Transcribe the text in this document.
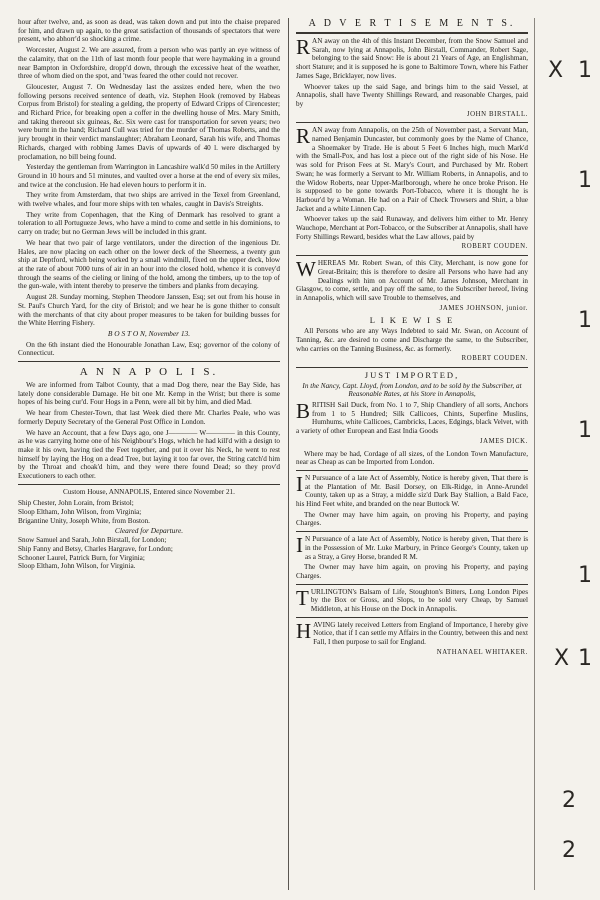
hour after twelve, and, as soon as dead, was taken down and put into the chaise prepared for him, and drawn up again, to the great satisfaction of thousands of spectators that were present, who abhorr'd so shocking a crime.

Worcester, August 2. We are assured, from a person who was partly an eye witness of the calamity, that on the 11th of last month four people that were haymaking in a ground near Bampton in Oxfordshire, dropp'd down, through the excessive heat of the weather, three of whom died on the spot, and 'twas feared the other could not recover.

Gloucester, August 7. On Wednesday last the assizes ended here, when the two following persons received sentence of death, viz. Stephen Hook (removed by Habeas Corpus from Bristol) for stealing a gelding, the property of Edward Cripps of Cirencester; and Richard Price, for breaking open a coffer in the dwelling house of Mrs. Mary Smith, and taking thereout six guineas, &c. Six were cast for transportation for seven years; two were burnt in the hand; Richard Cull was tried for the murder of Thomas Roberts, and the jury brought in their verdict manslaughter; Abraham Leonard, Sarah his wife, and Thomas Richards, charged with robbing James Davis of upwards of 40 l. were discharged by proclamation, no bill being found.

Yesterday the gentleman from Warrington in Lancashire walk'd 50 miles in the Artillery Ground in 10 hours and 51 minutes, and vaulted over a horse at the end of every six miles, and twice at the conclusion. He had eleven hours to perform it in.

They write from Amsterdam, that two ships are arrived in the Texel from Greenland, with twelve whales, and four more ships with ten whales, caught in Davis's Streights.

They write from Copenhagen, that the King of Denmark has resolved to grant a toleration to all Portugueze Jews, who have a mind to come and settle in his dominions, to carry on trade; but no German Jews will be included in this grant.

We hear that two pair of large ventilators, under the direction of the ingenious Dr. Hales, are now placing on each other on the lower deck of the Sheerness, a twenty gun ship at Deptford, which being worked by a small windmill, fixed on the upper deck, blow at the rate of about 7000 tuns of air in an hour into the closed hold, whence it is convey'd through the seams of the cieling or lining of the hold, among the timbers, up to the top of the gun-wale, with intent thereby to preserve the timbers and planks from decaying.

August 28. Sunday morning, Stephen Theodore Janssen, Esq; set out from his house in St. Paul's Church Yard, for the city of Bristol; and we hear he is gone thither to consult with the merchants of that city about proper measures to be taken for building busses for the White Herring Fishery.

B O S T O N, November 13.

On the 6th instant died the Honourable Jonathan Law, Esq; governor of the colony of Connecticut.

A N N A P O L I S.

We are informed from Talbot County, that a mad Dog there, near the Bay Side, has lately done considerable Damage. He bit one Mr. Kemp in the Wrist; but there is some hopes of his being cur'd. Four Hogs in a Penn, were all bit by him, and died Mad.

We hear from Chester-Town, that last Week died there Mr. Charles Peale, who was formerly Deputy Secretary of the General Post Office in London.

We have an Account, that a few Days ago, one J———— W———— in this County, as he was carrying home one of his Neighbour's Hogs, which he had kill'd with a design to make it his own, having tied the Feet together, and put it over his Neck, he went to rest himself by laying the Hog on a dead Tree, but laying it too far over, the String catch'd him by the Throat and choak'd him, and they were there found Dead; so they prov'd Executioners to each other.

Custom House, ANNAPOLIS, Entered since November 21.

Ship Chester, John Lorain, from Bristol;

Sloop Eltham, John Wilson, from Virginia;

Brigantine Unity, Joseph White, from Boston.

Cleared for Departure.

Snow Samuel and Sarah, John Birstall, for London;

Ship Fanny and Betsy, Charles Hargrave, for London;

Schooner Laurel, Patrick Burn, for Virginia;

Sloop Eltham, John Wilson, for Virginia.

A D V E R T I S E M E N T S.

RAN away on the 4th of this Instant December, from the Snow Samuel and Sarah, now lying at Annapolis, John Birstall, Commander, Robert Sage, belonging to the said Snow: He is about 21 Years of Age, an Englishman, short Stature; and it is supposed he is gone to Baltimore Town, where his Father James Sage, Bricklayer, now lives.

Whoever takes up the said Sage, and brings him to the said Vessel, at Annapolis, shall have Twenty Shillings Reward, and reasonable Charges, paid by

JOHN BIRSTALL.

RAN away from Annapolis, on the 25th of November past, a Servant Man, named Benjamin Duncaster, but commonly goes by the Name of Chance, a Shoemaker by Trade. He is about 5 Feet 6 Inches high, much Mark'd with the Small-Pox, and has lost a piece out of the right side of his Nose. He was sold for Prison Fees at St. Mary's Court, and Purchased by Mr. Robert Swan; he was formerly a Servant to Mr. William Roberts, in Annapolis, and to the Widow Roberts, near Upper-Marlborough, where he once broke Prison. He is supposed to be gone towards Port-Tobacco, where it is thought he is Harbour'd by a Woman. He had on a Pair of Check Trowsers and Shirt, a blue Jacket and a white Linnen Cap.

Whoever takes up the said Runaway, and delivers him either to Mr. Henry Wauchope, Merchant at Port-Tobacco, or the Subscriber at Annapolis, shall have Forty Shillings Reward, besides what the Law allows, paid by

ROBERT COUDEN.

WHEREAS Mr. Robert Swan, of this City, Merchant, is now gone for Great-Britain; this is therefore to desire all Persons who have had any Dealings with him on Account of Mr. James Johnson, Merchant in Glasgow, to come, settle, and pay off the same, to the Subscriber hereof, living in Annapolis, which will save Trouble to themselves, and

JAMES JOHNSON, junior.

L I K E W I S E

All Persons who are any Ways Indebted to said Mr. Swan, on Account of Tanning, &c. are desired to come and Discharge the same, to the Subscriber, who carries on the Tanning Business, &c. as formerly.

ROBERT COUDEN.

JUST IMPORTED,

In the Nancy, Capt. Lloyd, from London, and to be sold by the Subscriber, at Reasonable Rates, at his Store in Annapolis,

BRITISH Sail Duck, from No. 1 to 7, Ship Chandlery of all sorts, Anchors from 1 to 5 Hundred; Silk Callicoes, Chints, Superfine Muslins, Humhums, white Callicoes, Cambricks, Laces, Edgings, black Velvet, with a variety of other European and East India Goods

JAMES DICK.

Where may be had, Cordage of all sizes, of the London Town Manufacture, near as Cheap as can be Imported from London.

I N Pursuance of a late Act of Assembly, Notice is hereby given, That there is at the Plantation of Mr. Basil Dorsey, on Elk-Ridge, in Anne-Arundel County, taken up as a Stray, a middle siz'd Dark Bay Stallion, a Bald Face, his Hind Feet white, and branded on the near Buttock W.

The Owner may have him again, on proving his Property, and paying Charges.

I N Pursuance of a late Act of Assembly, Notice is hereby given, That there is in the Possession of Mr. Luke Marbury, in Prince George's County, taken up as a Stray, a Grey Horse, branded R M.

The Owner may have him again, on proving his Property, and paying Charges.

TURLINGTON's Balsam of Life, Stoughton's Bitters, Long London Pipes by the Box or Gross, and Slops, to be sold very Cheap, by Samuel Middleton, at his House on the Dock in Annapolis.

HAVING lately received Letters from England of Importance, I hereby give Notice, that if I can settle my Affairs in the Country, between this and next Fall, I then purpose to sail for England.

NATHANAEL WHITAKER.

X 1
1
1
1
1
X 1
2
2
